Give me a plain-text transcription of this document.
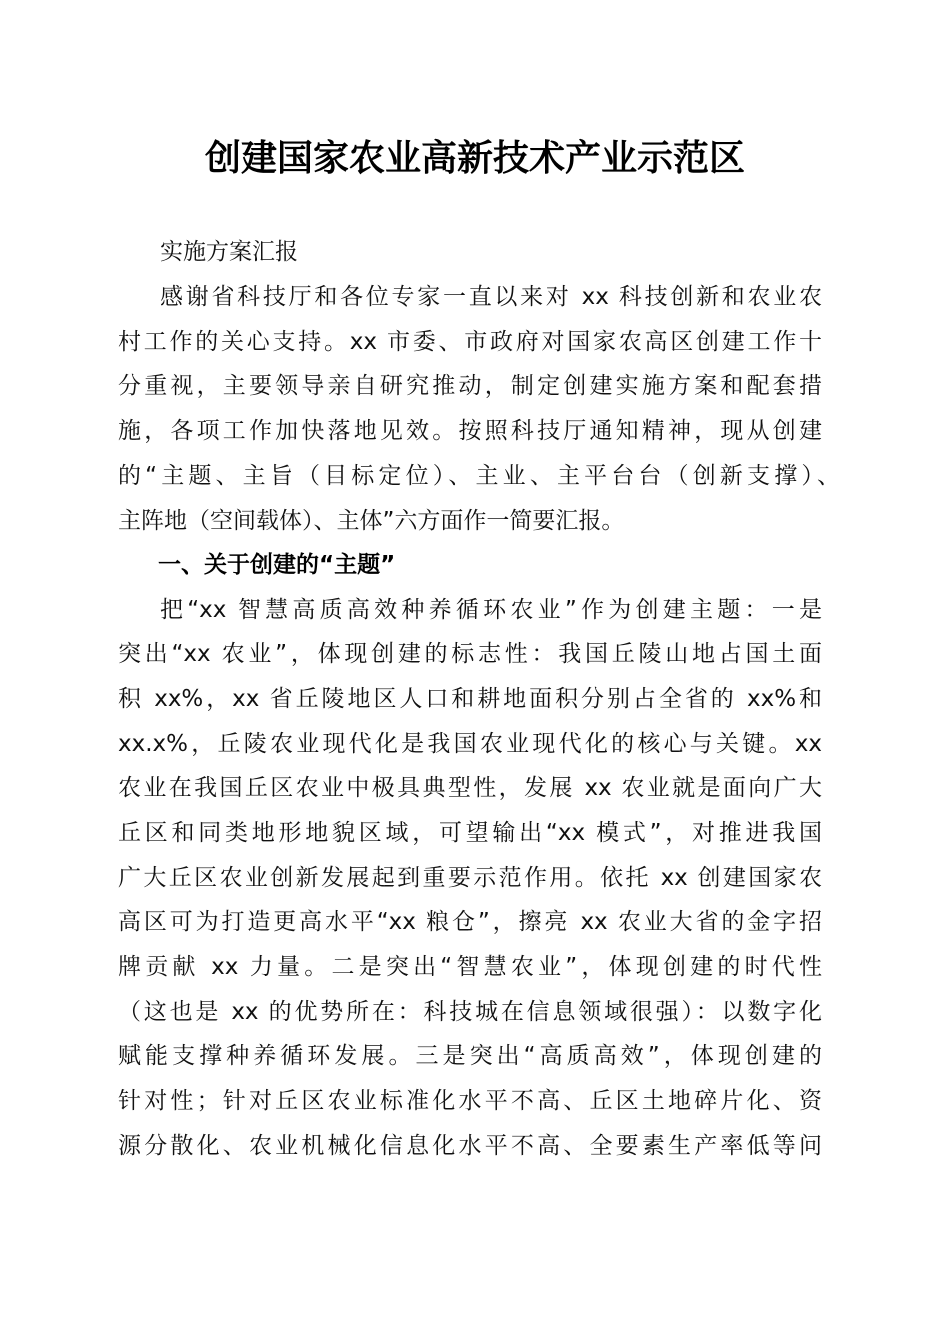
创建国家农业高新技术产业示范区
实施方案汇报
感谢省科技厅和各位专家一直以来对 xx 科技创新和农业农
村工作的关心支持。xx 市委、市政府对国家农高区创建工作十
分重视，主要领导亲自研究推动，制定创建实施方案和配套措
施，各项工作加快落地见效。按照科技厅通知精神，现从创建
的“主题、主旨（目标定位）、主业、主平台台（创新支撑）、
主阵地（空间载体）、主体”六方面作一简要汇报。
一、关于创建的“主题”
把“xx 智慧高质高效种养循环农业”作为创建主题：一是
突出“xx 农业”，体现创建的标志性：我国丘陵山地占国土面
积 xx%，xx 省丘陵地区人口和耕地面积分别占全省的 xx%和
xx.x%，丘陵农业现代化是我国农业现代化的核心与关键。xx
农业在我国丘区农业中极具典型性，发展 xx 农业就是面向广大
丘区和同类地形地貌区域，可望输出“xx 模式”，对推进我国
广大丘区农业创新发展起到重要示范作用。依托 xx 创建国家农
高区可为打造更高水平“xx 粮仓”，擦亮 xx 农业大省的金字招
牌贡献 xx 力量。二是突出“智慧农业”，体现创建的时代性
（这也是 xx 的优势所在：科技城在信息领域很强）：以数字化
赋能支撑种养循环发展。三是突出“高质高效”，体现创建的
针对性；针对丘区农业标准化水平不高、丘区土地碎片化、资
源分散化、农业机械化信息化水平不高、全要素生产率低等问
